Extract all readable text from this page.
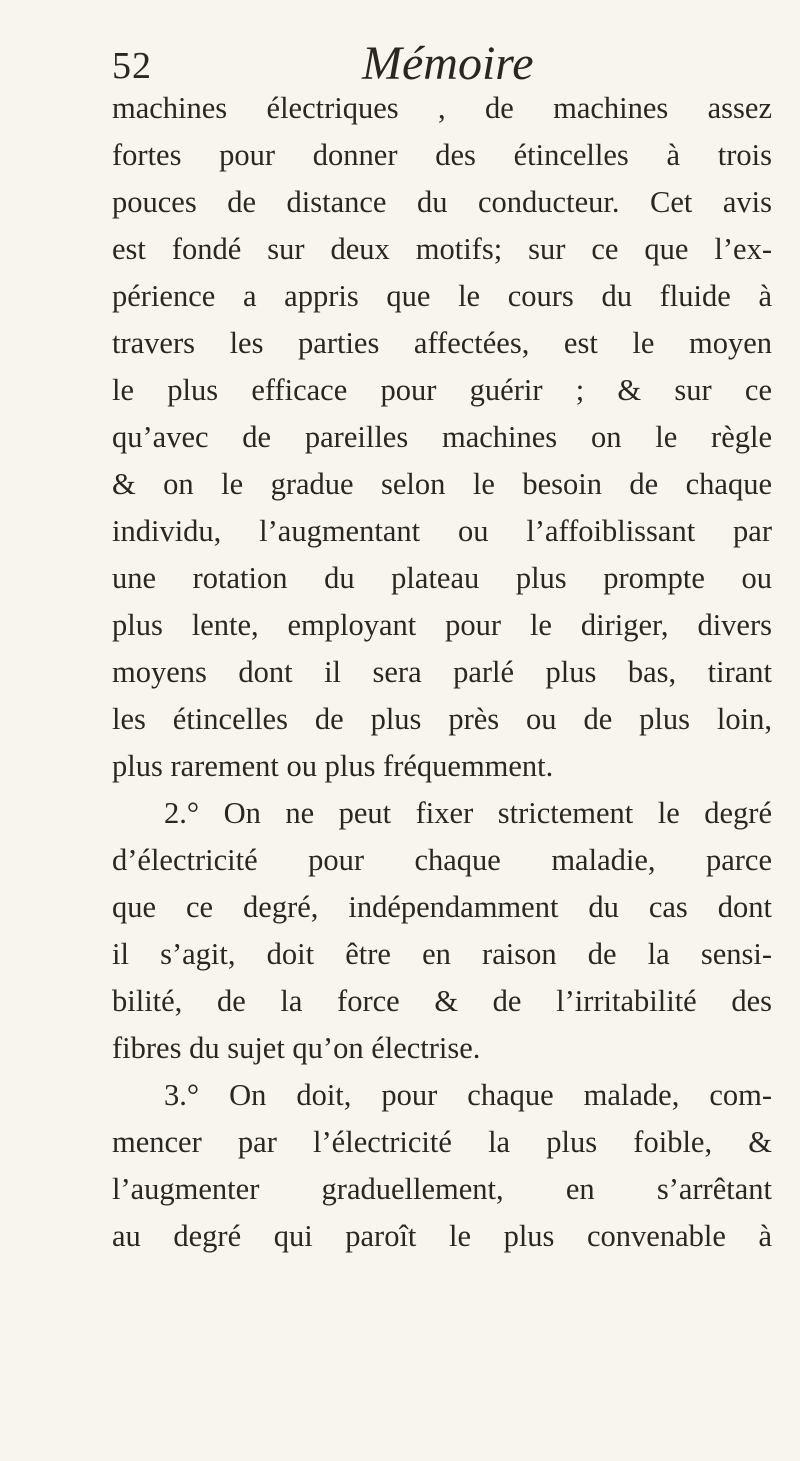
52	Mémoire
machines électriques , de machines assez
fortes pour donner des étincelles à trois
pouces de distance du conducteur. Cet avis
est fondé sur deux motifs; sur ce que l’ex-
périence a appris que le cours du fluide à
travers les parties affectées, est le moyen
le plus efficace pour guérir ; & sur ce
qu’avec de pareilles machines on le règle
& on le gradue selon le besoin de chaque
individu, l’augmentant ou l’affoiblissant par
une rotation du plateau plus prompte ou
plus lente, employant pour le diriger, divers
moyens dont il sera parlé plus bas, tirant
les étincelles de plus près ou de plus loin,
plus rarement ou plus fréquemment.
2.° On ne peut fixer strictement le degré
d’électricité pour chaque maladie, parce
que ce degré, indépendamment du cas dont
il s’agit, doit être en raison de la sensi-
bilité, de la force & de l’irritabilité des
fibres du sujet qu’on électrise.
3.° On doit, pour chaque malade, com-
mencer par l’électricité la plus foible, &
l’augmenter graduellement, en s’arrêtant
au degré qui paroît le plus convenable à
